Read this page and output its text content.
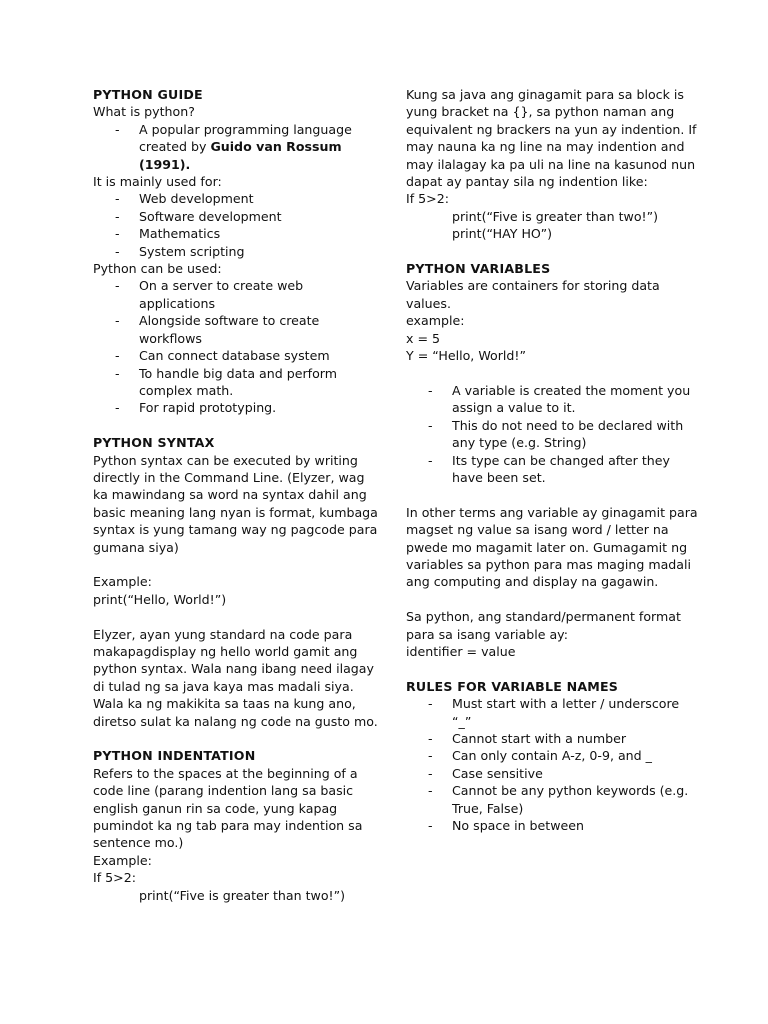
PYTHON GUIDE
What is python?
- A popular programming language created by Guido van Rossum (1991).
It is mainly used for:
- Web development
- Software development
- Mathematics
- System scripting
Python can be used:
- On a server to create web applications
- Alongside software to create workflows
- Can connect database system
- To handle big data and perform complex math.
- For rapid prototyping.
PYTHON SYNTAX
Python syntax can be executed by writing directly in the Command Line. (Elyzer, wag ka mawindang sa word na syntax dahil ang basic meaning lang nyan is format, kumbaga syntax is yung tamang way ng pagcode para gumana siya)
Example:
print(“Hello, World!”)
Elyzer, ayan yung standard na code para makapagdisplay ng hello world gamit ang python syntax. Wala nang ibang need ilagay di tulad ng sa java kaya mas madali siya. Wala ka ng makikita sa taas na kung ano, diretso sulat ka nalang ng code na gusto mo.
PYTHON INDENTATION
Refers to the spaces at the beginning of a code line (parang indention lang sa basic english ganun rin sa code, yung kapag pumindot ka ng tab para may indention sa sentence mo.)
Example:
If 5>2:
print(“Five is greater than two!”)
Kung sa java ang ginagamit para sa block is yung bracket na {}, sa python naman ang equivalent ng brackers na yun ay indention. If may nauna ka ng line na may indention and may ilalagay ka pa uli na line na kasunod nun dapat ay pantay sila ng indention like:
If 5>2:
print(“Five is greater than two!”)
print(“HAY HO”)
PYTHON VARIABLES
Variables are containers for storing data values.
example:
x = 5
Y = “Hello, World!”
- A variable is created the moment you assign a value to it.
- This do not need to be declared with any type (e.g. String)
- Its type can be changed after they have been set.
In other terms ang variable ay ginagamit para magset ng value sa isang word / letter na pwede mo magamit later on. Gumagamit ng variables sa python para mas maging madali ang computing and display na gagawin.
Sa python, ang standard/permanent format para sa isang variable ay:
identifier = value
RULES FOR VARIABLE NAMES
- Must start with a letter / underscore “_”
- Cannot start with a number
- Can only contain A-z, 0-9, and _
- Case sensitive
- Cannot be any python keywords (e.g. True, False)
- No space in between
